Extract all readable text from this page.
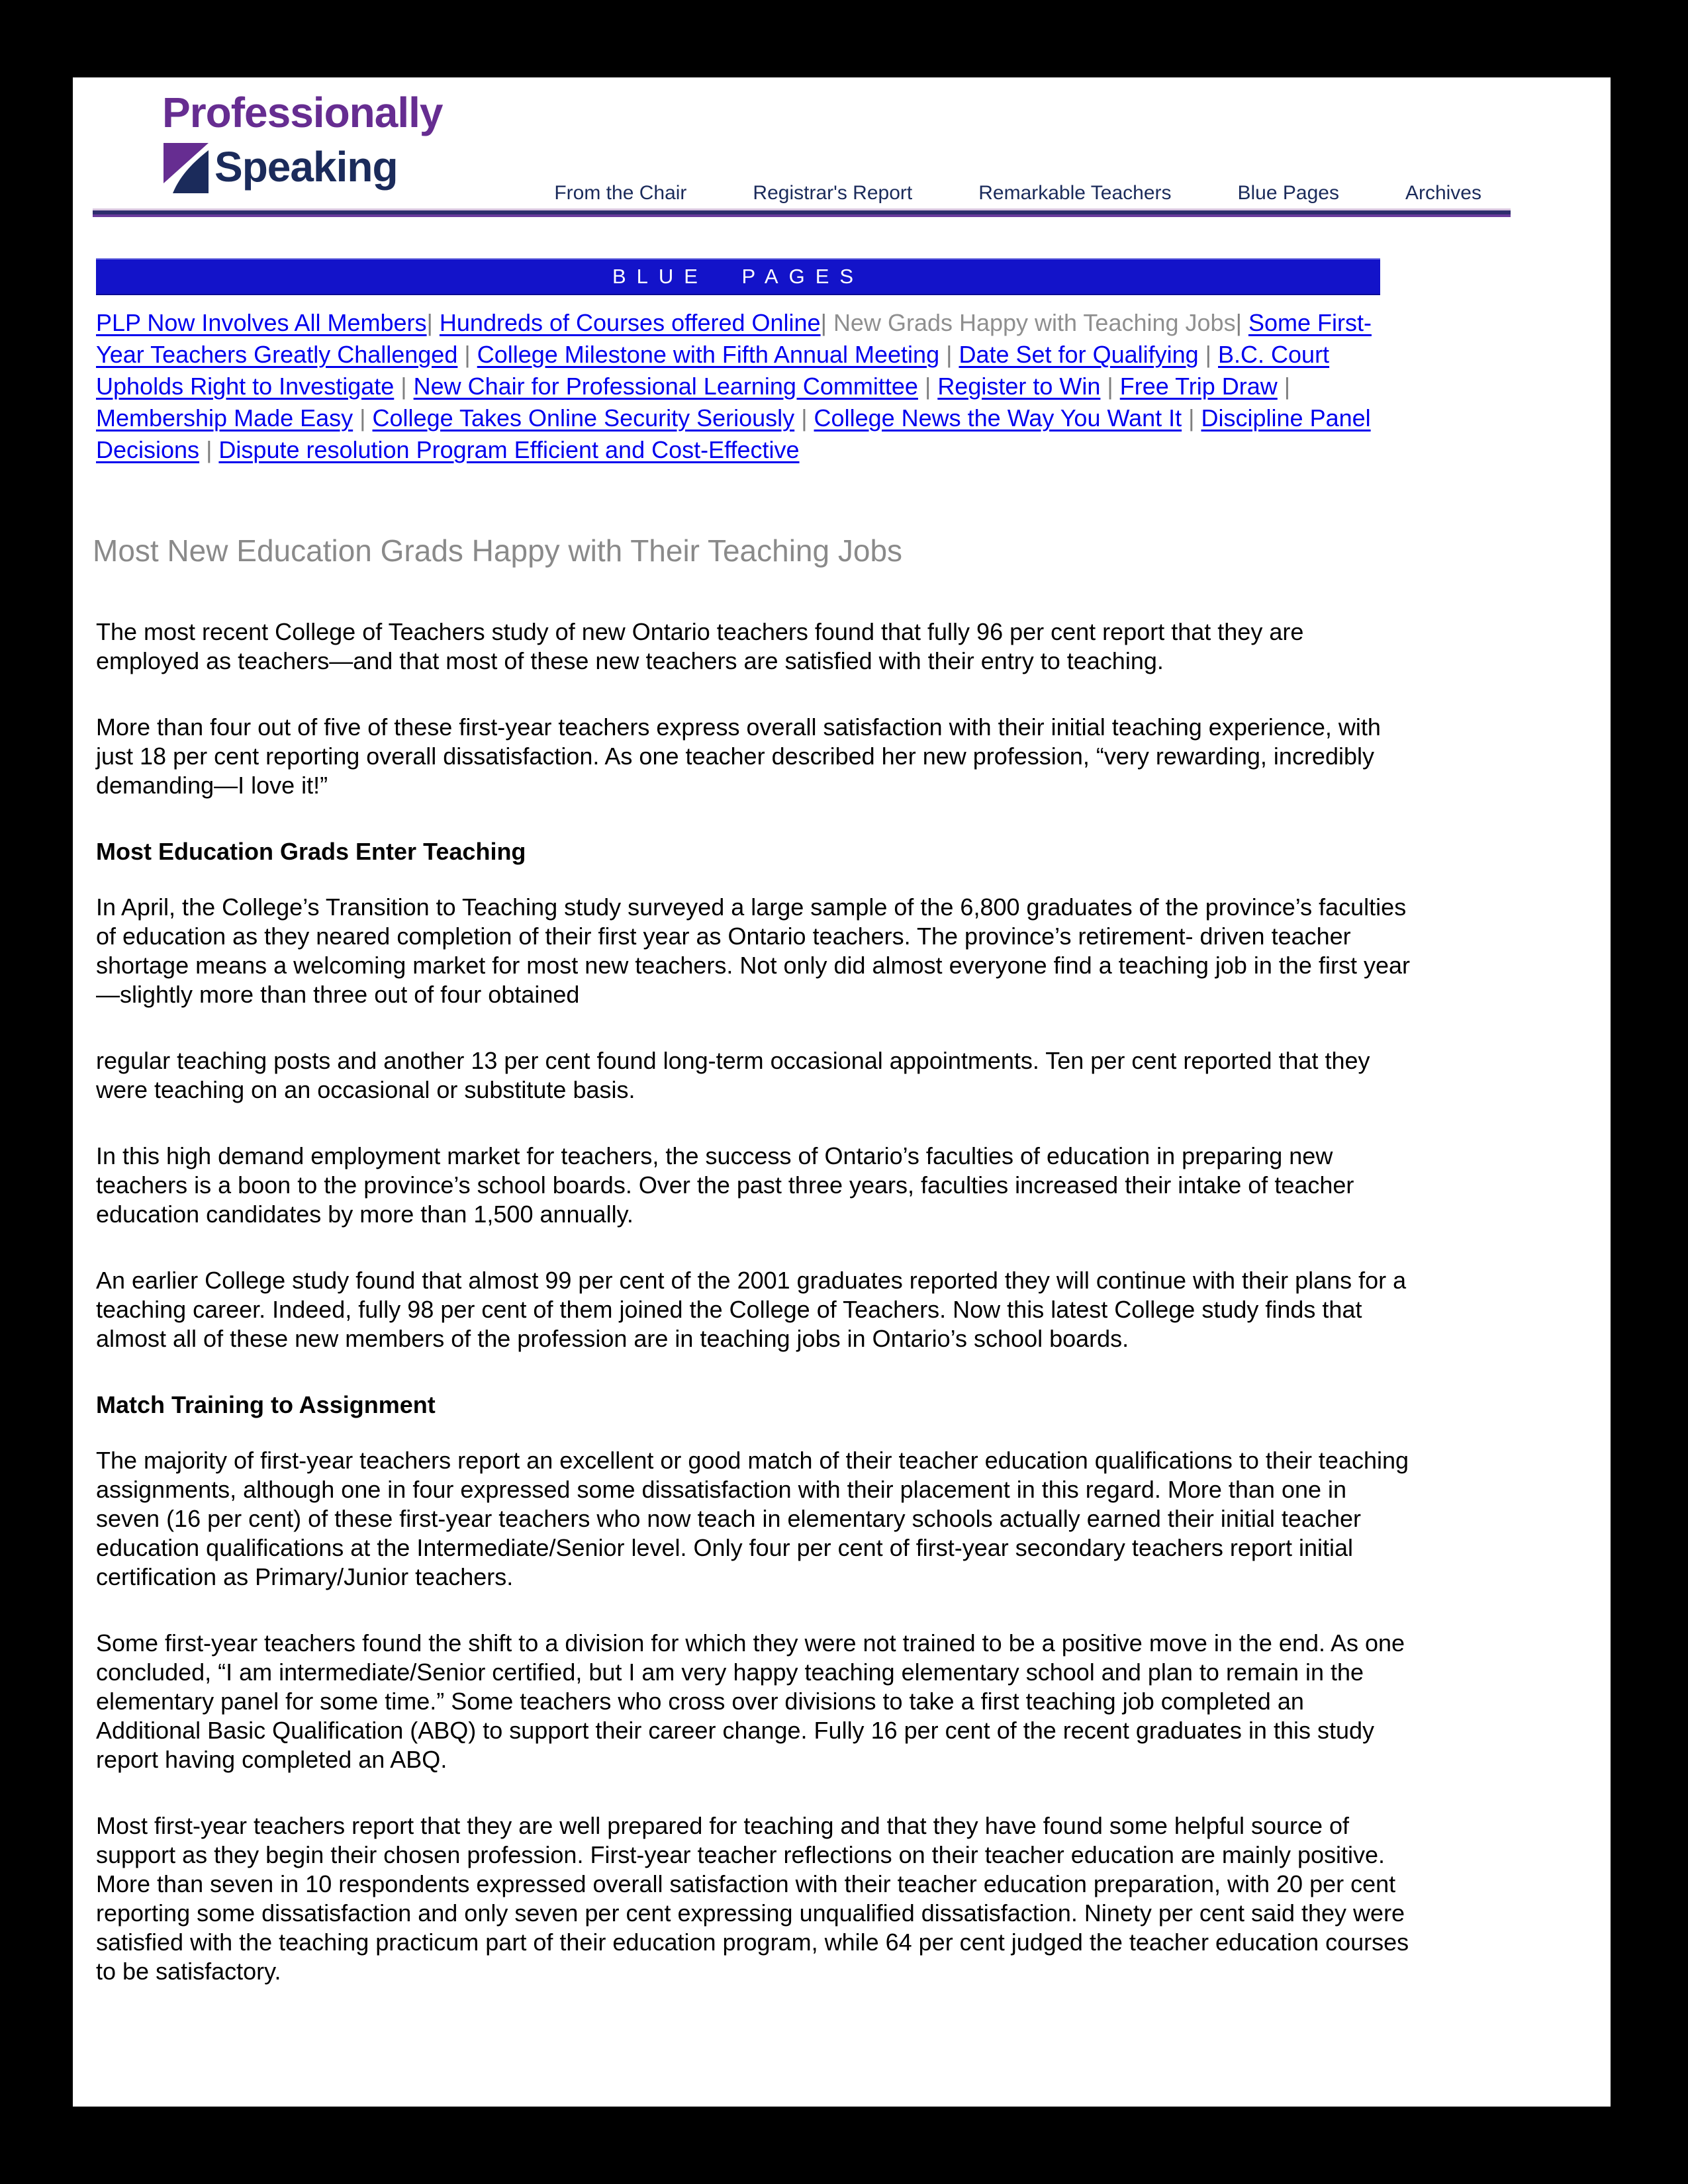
Professionally
Speaking
From the Chair	Registrar's Report	Remarkable Teachers	Blue Pages	Archives
BLUE PAGES

PLP Now Involves All Members| Hundreds of Courses offered Online| New Grads Happy with Teaching Jobs| Some First-Year Teachers Greatly Challenged | College Milestone with Fifth Annual Meeting | Date Set for Qualifying | B.C. Court Upholds Right to Investigate | New Chair for Professional Learning Committee | Register to Win | Free Trip Draw | Membership Made Easy | College Takes Online Security Seriously | College News the Way You Want It | Discipline Panel Decisions | Dispute resolution Program Efficient and Cost-Effective

Most New Education Grads Happy with Their Teaching Jobs
The most recent College of Teachers study of new Ontario teachers found that fully 96 per cent report that they are employed as teachers—and that most of these new teachers are satisfied with their entry to teaching.
More than four out of five of these first-year teachers express overall satisfaction with their initial teaching experience, with just 18 per cent reporting overall dissatisfaction. As one teacher described her new profession, “very rewarding, incredibly demanding—I love it!”
Most Education Grads Enter Teaching
In April, the College’s Transition to Teaching study surveyed a large sample of the 6,800 graduates of the province’s faculties of education as they neared completion of their first year as Ontario teachers. The province’s retirement- driven teacher shortage means a welcoming market for most new teachers. Not only did almost everyone find a teaching job in the first year—slightly more than three out of four obtained
regular teaching posts and another 13 per cent found long-term occasional appointments. Ten per cent reported that they were teaching on an occasional or substitute basis.
In this high demand employment market for teachers, the success of Ontario’s faculties of education in preparing new teachers is a boon to the province’s school boards. Over the past three years, faculties increased their intake of teacher education candidates by more than 1,500 annually.
An earlier College study found that almost 99 per cent of the 2001 graduates reported they will continue with their plans for a teaching career. Indeed, fully 98 per cent of them joined the College of Teachers. Now this latest College study finds that almost all of these new members of the profession are in teaching jobs in Ontario’s school boards.
Match Training to Assignment
The majority of first-year teachers report an excellent or good match of their teacher education qualifications to their teaching assignments, although one in four expressed some dissatisfaction with their placement in this regard. More than one in seven (16 per cent) of these first-year teachers who now teach in elementary schools actually earned their initial teacher education qualifications at the Intermediate/Senior level. Only four per cent of first-year secondary teachers report initial certification as Primary/Junior teachers.
Some first-year teachers found the shift to a division for which they were not trained to be a positive move in the end. As one concluded, “I am intermediate/Senior certified, but I am very happy teaching elementary school and plan to remain in the elementary panel for some time.” Some teachers who cross over divisions to take a first teaching job completed an Additional Basic Qualification (ABQ) to support their career change. Fully 16 per cent of the recent graduates in this study report having completed an ABQ.
Most first-year teachers report that they are well prepared for teaching and that they have found some helpful source of support as they begin their chosen profession. First-year teacher reflections on their teacher education are mainly positive. More than seven in 10 respondents expressed overall satisfaction with their teacher education preparation, with 20 per cent reporting some dissatisfaction and only seven per cent expressing unqualified dissatisfaction. Ninety per cent said they were satisfied with the teaching practicum part of their education program, while 64 per cent judged the teacher education courses to be satisfactory.
